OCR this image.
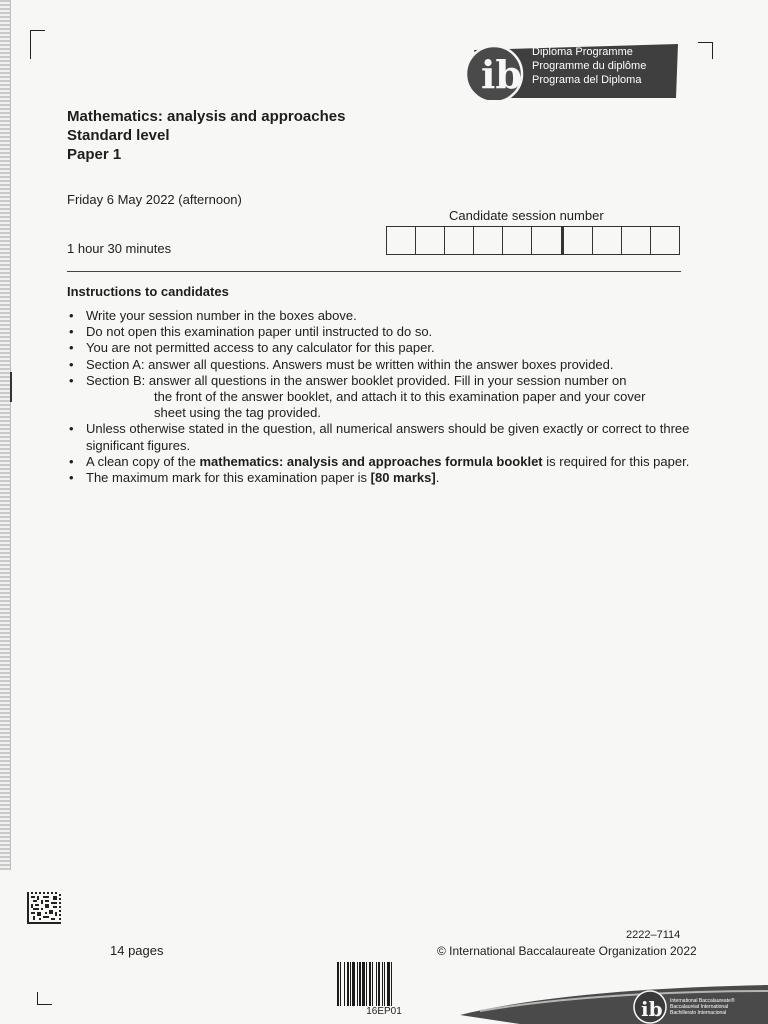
ib Diploma Programme
Programme du diplôme
Programa del Diploma
Mathematics: analysis and approaches
Standard level
Paper 1
Friday 6 May 2022 (afternoon)
Candidate session number
1 hour 30 minutes
Instructions to candidates
• Write your session number in the boxes above.
• Do not open this examination paper until instructed to do so.
• You are not permitted access to any calculator for this paper.
• Section A: answer all questions. Answers must be written within the answer boxes provided.
• Section B: answer all questions in the answer booklet provided. Fill in your session number on
the front of the answer booklet, and attach it to this examination paper and your cover
sheet using the tag provided.
• Unless otherwise stated in the question, all numerical answers should be given exactly or correct to three significant figures.
• A clean copy of the mathematics: analysis and approaches formula booklet is required for this paper.
• The maximum mark for this examination paper is [80 marks].
14 pages
2222–7114
© International Baccalaureate Organization 2022
16EP01	ib International Baccalaureate®
Baccalauréat International
Bachillerato Internacional
